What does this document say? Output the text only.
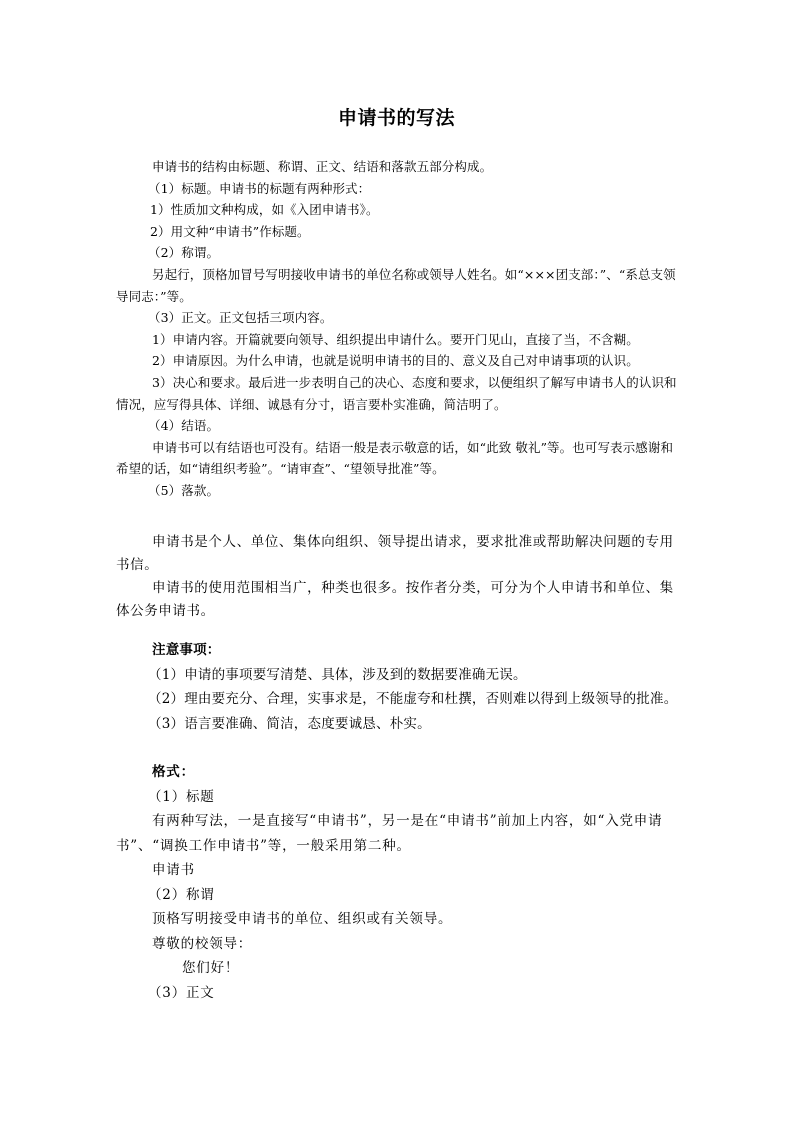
申请书的写法

申请书的结构由标题、称谓、正文、结语和落款五部分构成。

（1）标题。申请书的标题有两种形式：

1）性质加文种构成，如《入团申请书》。

2）用文种“申请书”作标题。

（2）称谓。

另起行，顶格加冒号写明接收申请书的单位名称或领导人姓名。如“×××团支部：”、“系总支领导同志：”等。

（3）正文。正文包括三项内容。

1）申请内容。开篇就要向领导、组织提出申请什么。要开门见山，直接了当，不含糊。

2）申请原因。为什么申请，也就是说明申请书的目的、意义及自己对申请事项的认识。

3）决心和要求。最后进一步表明自己的决心、态度和要求，以便组织了解写申请书人的认识和情况，应写得具体、详细、诚恳有分寸，语言要朴实准确，简洁明了。

（4）结语。

申请书可以有结语也可没有。结语一般是表示敬意的话，如“此致 敬礼”等。也可写表示感谢和希望的话，如“请组织考验”。“请审查”、“望领导批准”等。

（5）落款。

申请书是个人、单位、集体向组织、领导提出请求，要求批准或帮助解决问题的专用书信。

申请书的使用范围相当广，种类也很多。按作者分类，可分为个人申请书和单位、集体公务申请书。

注意事项：

（1）申请的事项要写清楚、具体，涉及到的数据要准确无误。

（2）理由要充分、合理，实事求是，不能虚夸和杜撰，否则难以得到上级领导的批准。

（3）语言要准确、简洁，态度要诚恳、朴实。

格式：

（1）标题

有两种写法，一是直接写“申请书”，另一是在“申请书”前加上内容，如“入党申请书”、“调换工作申请书”等，一般采用第二种。

申请书

（2）称谓

顶格写明接受申请书的单位、组织或有关领导。

尊敬的校领导：

您们好！

（3）正文
